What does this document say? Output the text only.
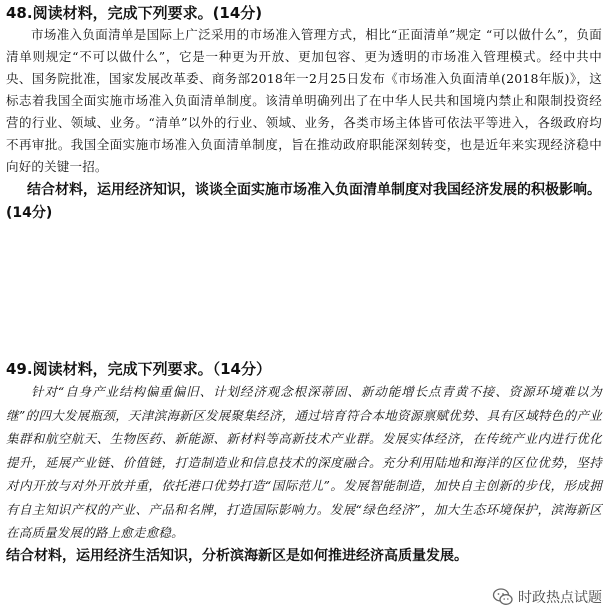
48.阅读材料，完成下列要求。(14分)

市场准入负面清单是国际上广泛采用的市场准入管理方式，相比“正面清单”规定 “可以做什么”，负面清单则规定“不可以做什么”，它是一种更为开放、更加包容、更为透明的市场准入管理模式。经中共中央、国务院批准，国家发展改革委、商务部2018年一2月25日发布《市场准入负面清单(2018年版)》，这标志着我国全面实施市场准入负面清单制度。该清单明确列出了在中华人民共和国境内禁止和限制投资经营的行业、领域、业务。“清单”以外的行业、领域、业务，各类市场主体皆可依法平等进入，各级政府均不再审批。我国全面实施市场准入负面清单制度，旨在推动政府职能深刻转变，也是近年来实现经济稳中向好的关键一招。

结合材料，运用经济知识，谈谈全面实施市场准入负面清单制度对我国经济发展的积极影响。(14分)

49.阅读材料，完成下列要求。（14分）

针对“自身产业结构偏重偏旧、计划经济观念根深蒂固、新动能增长点青黄不接、资源环境难以为继”的四大发展瓶颈，天津滨海新区发展聚集经济，通过培育符合本地资源禀赋优势、具有区域特色的产业集群和航空航天、生物医药、新能源、新材料等高新技术产业群。发展实体经济，在传统产业内进行优化提升，延展产业链、价值链，打造制造业和信息技术的深度融合。充分利用陆地和海洋的区位优势，坚持对内开放与对外开放并重，依托港口优势打造“国际范儿”。发展智能制造，加快自主创新的步伐，形成拥有自主知识产权的产业、产品和名牌，打造国际影响力。发展“绿色经济”，加大生态环境保护，滨海新区在高质量发展的路上愈走愈稳。

结合材料，运用经济生活知识，分析滨海新区是如何推进经济高质量发展。

时政热点试题
